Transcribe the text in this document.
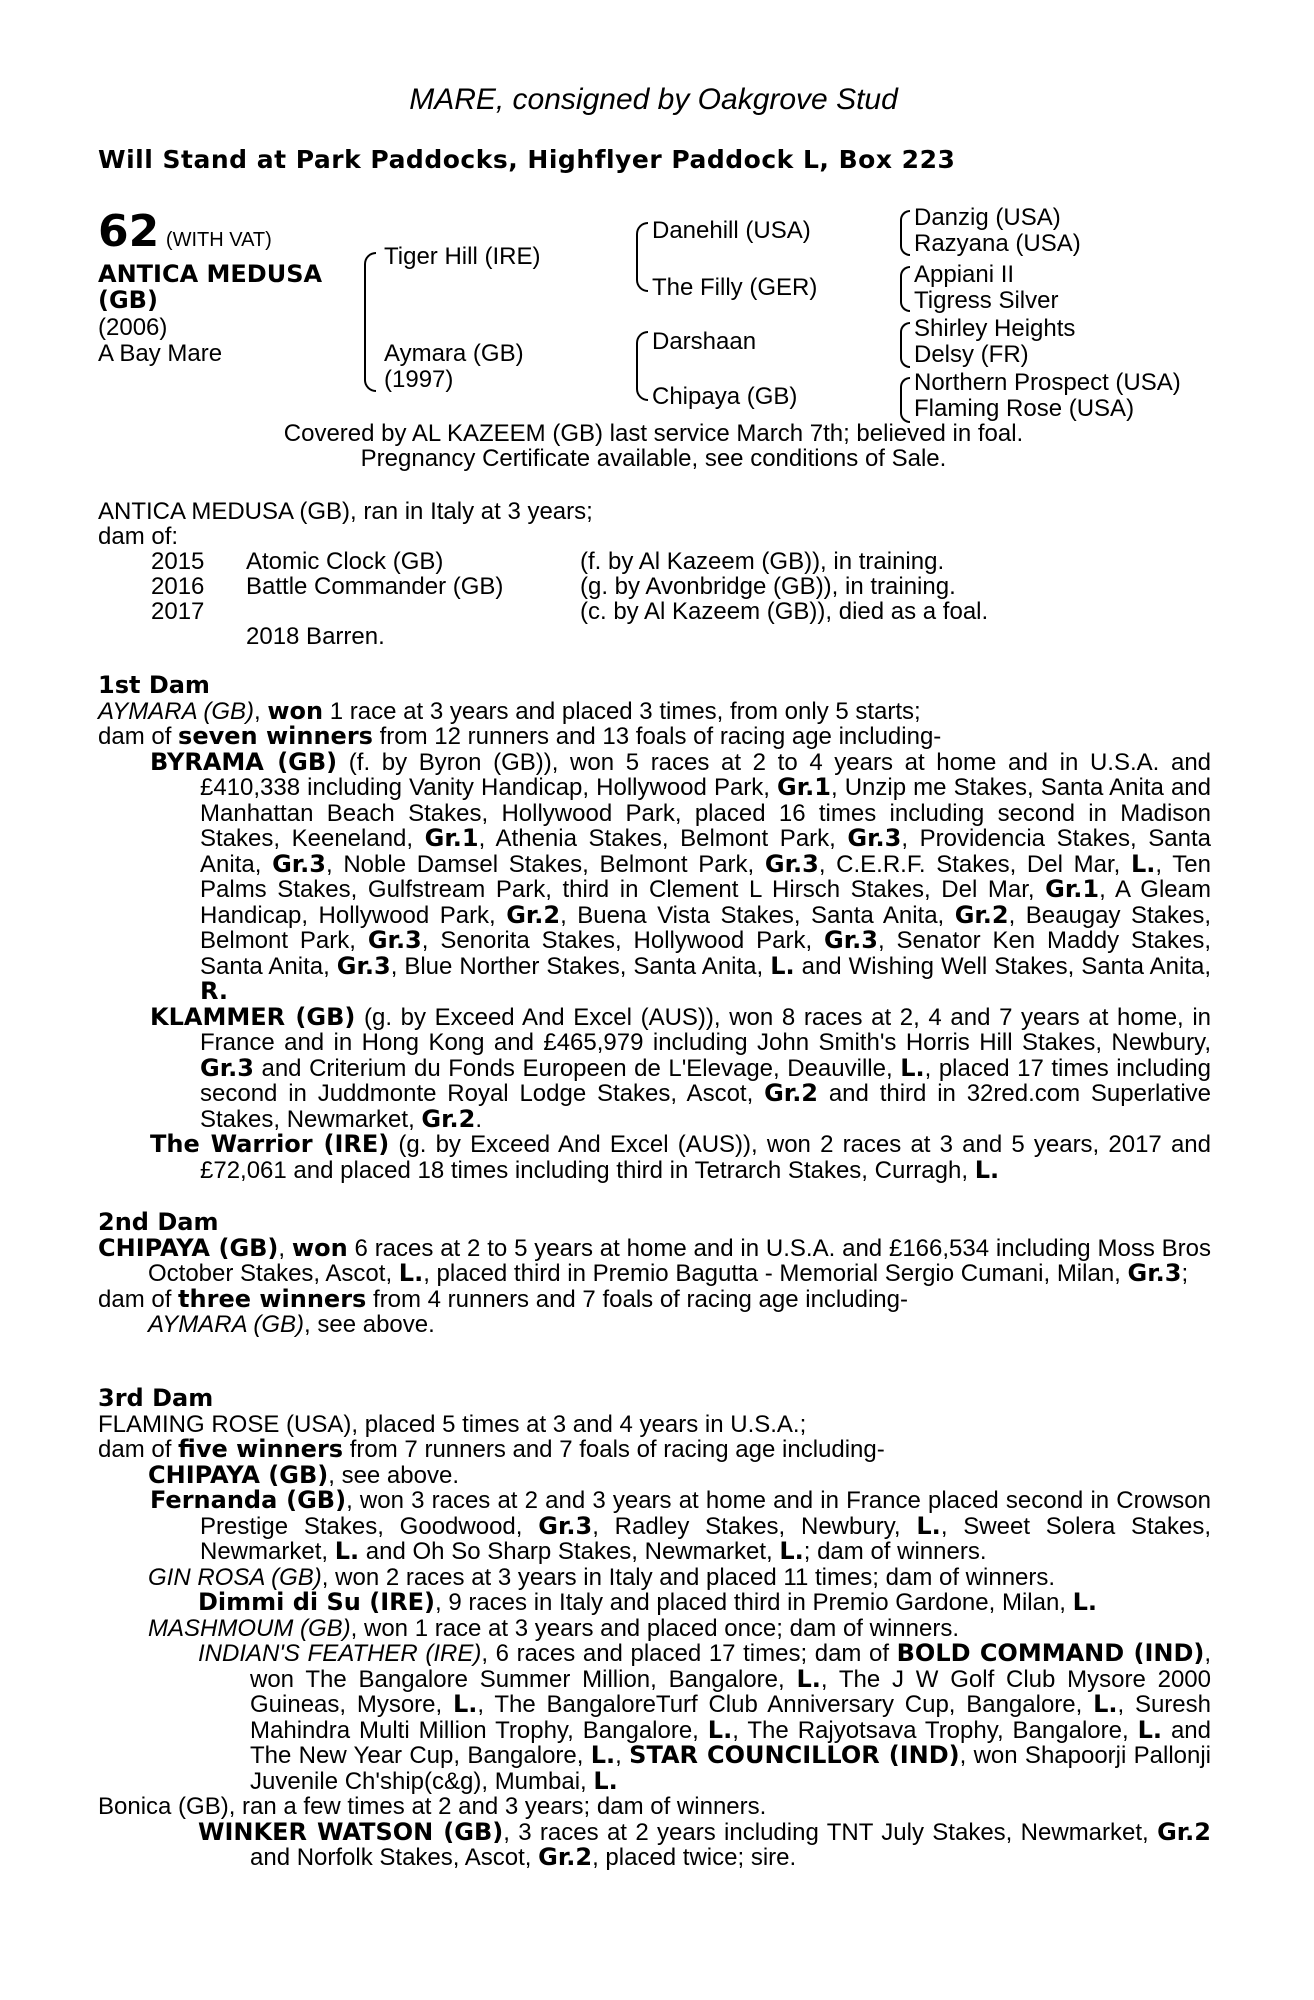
MARE, consigned by Oakgrove Stud
Will Stand at Park Paddocks, Highflyer Paddock L, Box 223
62 (WITH VAT)
ANTICA MEDUSA
(GB)
(2006)
A Bay Mare
Tiger Hill (IRE)
Aymara (GB)
(1997)
Danehill (USA)
The Filly (GER)
Darshaan
Chipaya (GB)
Danzig (USA)
Razyana (USA)
Appiani II
Tigress Silver
Shirley Heights
Delsy (FR)
Northern Prospect (USA)
Flaming Rose (USA)
Covered by AL KAZEEM (GB) last service March 7th; believed in foal.
Pregnancy Certificate available, see conditions of Sale.
ANTICA MEDUSA (GB), ran in Italy at 3 years;
dam of:
2015 Atomic Clock (GB)	(f. by Al Kazeem (GB)), in training.
2016 Battle Commander (GB)	(g. by Avonbridge (GB)), in training.
2017	(c. by Al Kazeem (GB)), died as a foal.
2018 Barren.

1st Dam

AYMARA (GB), won 1 race at 3 years and placed 3 times, from only 5 starts;

dam of seven winners from 12 runners and 13 foals of racing age including-

BYRAMA (GB) (f. by Byron (GB)), won 5 races at 2 to 4 years at home and in U.S.A. and £410,338 including Vanity Handicap, Hollywood Park, Gr.1, Unzip me Stakes, Santa Anita and Manhattan Beach Stakes, Hollywood Park, placed 16 times including second in Madison Stakes, Keeneland, Gr.1, Athenia Stakes, Belmont Park, Gr.3, Providencia Stakes, Santa Anita, Gr.3, Noble Damsel Stakes, Belmont Park, Gr.3, C.E.R.F. Stakes, Del Mar, L., Ten Palms Stakes, Gulfstream Park, third in Clement L Hirsch Stakes, Del Mar, Gr.1, A Gleam Handicap, Hollywood Park, Gr.2, Buena Vista Stakes, Santa Anita, Gr.2, Beaugay Stakes, Belmont Park, Gr.3, Senorita Stakes, Hollywood Park, Gr.3, Senator Ken Maddy Stakes, Santa Anita, Gr.3, Blue Norther Stakes, Santa Anita, L. and Wishing Well Stakes, Santa Anita, R.

KLAMMER (GB) (g. by Exceed And Excel (AUS)), won 8 races at 2, 4 and 7 years at home, in France and in Hong Kong and £465,979 including John Smith's Horris Hill Stakes, Newbury, Gr.3 and Criterium du Fonds Europeen de L'Elevage, Deauville, L., placed 17 times including second in Juddmonte Royal Lodge Stakes, Ascot, Gr.2 and third in 32red.com Superlative Stakes, Newmarket, Gr.2.

The Warrior (IRE) (g. by Exceed And Excel (AUS)), won 2 races at 3 and 5 years, 2017 and £72,061 and placed 18 times including third in Tetrarch Stakes, Curragh, L.

2nd Dam

CHIPAYA (GB), won 6 races at 2 to 5 years at home and in U.S.A. and £166,534 including Moss Bros October Stakes, Ascot, L., placed third in Premio Bagutta - Memorial Sergio Cumani, Milan, Gr.3;

dam of three winners from 4 runners and 7 foals of racing age including-

AYMARA (GB), see above.

3rd Dam

FLAMING ROSE (USA), placed 5 times at 3 and 4 years in U.S.A.;

dam of five winners from 7 runners and 7 foals of racing age including-

CHIPAYA (GB), see above.

Fernanda (GB), won 3 races at 2 and 3 years at home and in France placed second in Crowson Prestige Stakes, Goodwood, Gr.3, Radley Stakes, Newbury, L., Sweet Solera Stakes, Newmarket, L. and Oh So Sharp Stakes, Newmarket, L.; dam of winners.

GIN ROSA (GB), won 2 races at 3 years in Italy and placed 11 times; dam of winners.

Dimmi di Su (IRE), 9 races in Italy and placed third in Premio Gardone, Milan, L.

MASHMOUM (GB), won 1 race at 3 years and placed once; dam of winners.

INDIAN'S FEATHER (IRE), 6 races and placed 17 times; dam of BOLD COMMAND (IND), won The Bangalore Summer Million, Bangalore, L., The J W Golf Club Mysore 2000 Guineas, Mysore, L., The BangaloreTurf Club Anniversary Cup, Bangalore, L., Suresh Mahindra Multi Million Trophy, Bangalore, L., The Rajyotsava Trophy, Bangalore, L. and The New Year Cup, Bangalore, L., STAR COUNCILLOR (IND), won Shapoorji Pallonji Juvenile Ch'ship(c&g), Mumbai, L.

Bonica (GB), ran a few times at 2 and 3 years; dam of winners.

WINKER WATSON (GB), 3 races at 2 years including TNT July Stakes, Newmarket, Gr.2 and Norfolk Stakes, Ascot, Gr.2, placed twice; sire.
